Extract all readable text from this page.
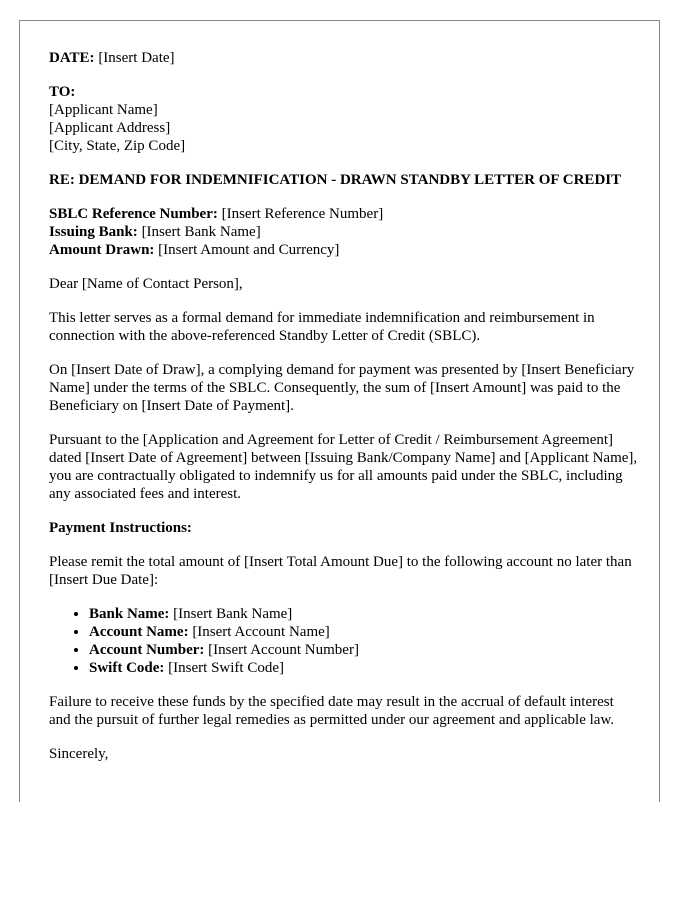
DATE: [Insert Date]

TO:
[Applicant Name]
[Applicant Address]
[City, State, Zip Code]

RE: DEMAND FOR INDEMNIFICATION - DRAWN STANDBY LETTER OF CREDIT

SBLC Reference Number: [Insert Reference Number]
Issuing Bank: [Insert Bank Name]
Amount Drawn: [Insert Amount and Currency]

Dear [Name of Contact Person],

This letter serves as a formal demand for immediate indemnification and reimbursement in connection with the above-referenced Standby Letter of Credit (SBLC).

On [Insert Date of Draw], a complying demand for payment was presented by [Insert Beneficiary Name] under the terms of the SBLC. Consequently, the sum of [Insert Amount] was paid to the Beneficiary on [Insert Date of Payment].

Pursuant to the [Application and Agreement for Letter of Credit / Reimbursement Agreement] dated [Insert Date of Agreement] between [Issuing Bank/Company Name] and [Applicant Name], you are contractually obligated to indemnify us for all amounts paid under the SBLC, including any associated fees and interest.

Payment Instructions:

Please remit the total amount of [Insert Total Amount Due] to the following account no later than [Insert Due Date]:

• Bank Name: [Insert Bank Name]
• Account Name: [Insert Account Name]
• Account Number: [Insert Account Number]
• Swift Code: [Insert Swift Code]

Failure to receive these funds by the specified date may result in the accrual of default interest and the pursuit of further legal remedies as permitted under our agreement and applicable law.

Sincerely,
